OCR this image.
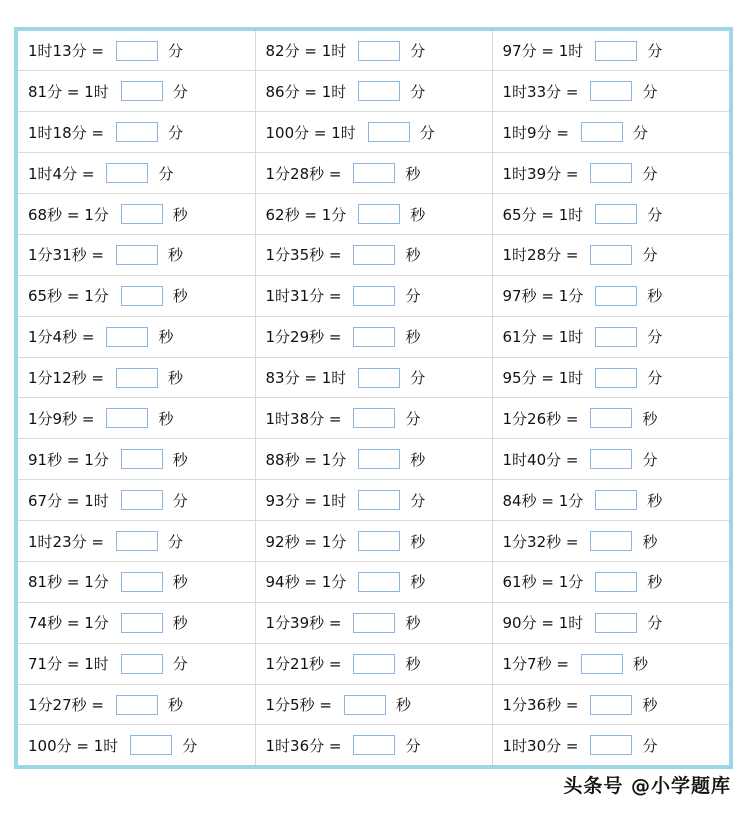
1时13分 = 分	82分 = 1时 分	97分 = 1时 分
81分 = 1时 分	86分 = 1时 分	1时33分 = 分
1时18分 = 分	100分 = 1时 分	1时9分 = 分
1时4分 = 分	1分28秒 = 秒	1时39分 = 分
68秒 = 1分 秒	62秒 = 1分 秒	65分 = 1时 分
1分31秒 = 秒	1分35秒 = 秒	1时28分 = 分
65秒 = 1分 秒	1时31分 = 分	97秒 = 1分 秒
1分4秒 = 秒	1分29秒 = 秒	61分 = 1时 分
1分12秒 = 秒	83分 = 1时 分	95分 = 1时 分
1分9秒 = 秒	1时38分 = 分	1分26秒 = 秒
91秒 = 1分 秒	88秒 = 1分 秒	1时40分 = 分
67分 = 1时 分	93分 = 1时 分	84秒 = 1分 秒
1时23分 = 分	92秒 = 1分 秒	1分32秒 = 秒
81秒 = 1分 秒	94秒 = 1分 秒	61秒 = 1分 秒
74秒 = 1分 秒	1分39秒 = 秒	90分 = 1时 分
71分 = 1时 分	1分21秒 = 秒	1分7秒 = 秒
1分27秒 = 秒	1分5秒 = 秒	1分36秒 = 秒
100分 = 1时 分	1时36分 = 分	1时30分 = 分
头条号 @小学题库
